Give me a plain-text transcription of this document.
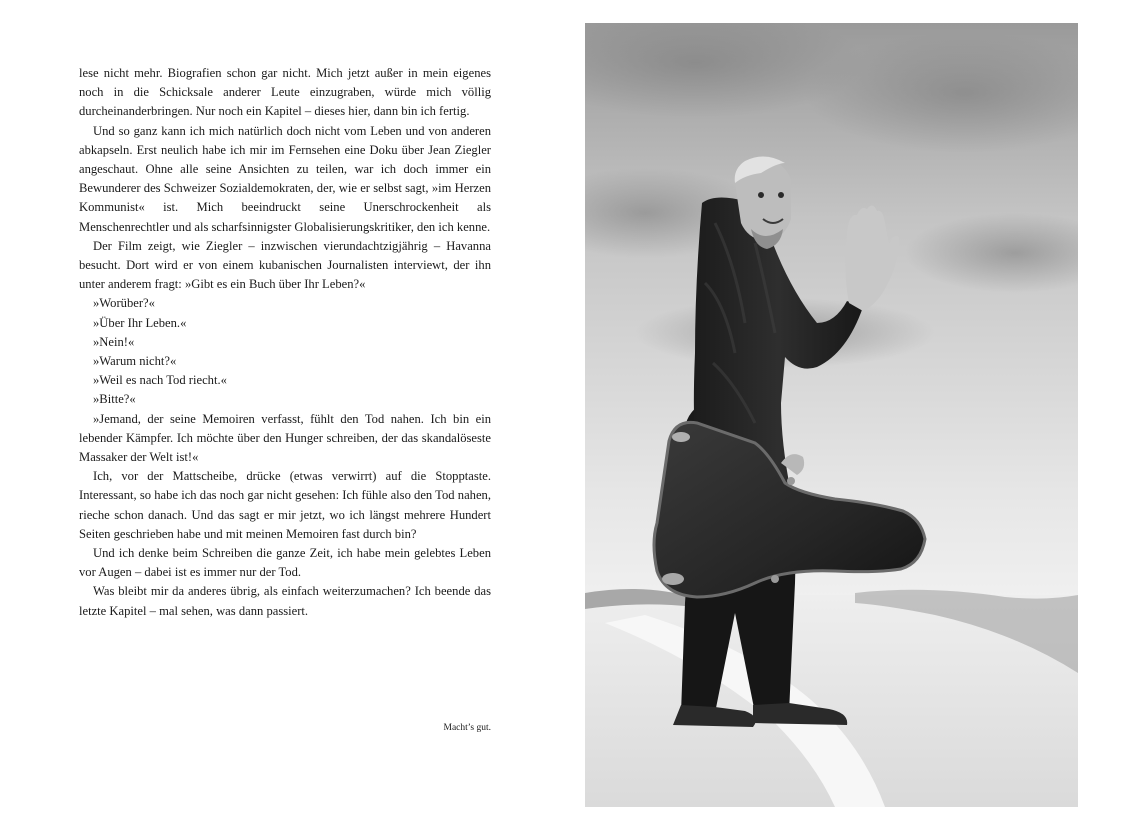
lese nicht mehr. Biografien schon gar nicht. Mich jetzt außer in mein eigenes noch in die Schicksale anderer Leute einzugraben, würde mich völlig durcheinanderbringen. Nur noch ein Kapitel – dieses hier, dann bin ich fertig.

Und so ganz kann ich mich natürlich doch nicht vom Leben und von anderen abkapseln. Erst neulich habe ich mir im Fernsehen eine Doku über Jean Ziegler angeschaut. Ohne alle seine Ansichten zu teilen, war ich doch immer ein Bewunderer des Schweizer Sozialdemokraten, der, wie er selbst sagt, »im Herzen Kommunist« ist. Mich beeindruckt seine Unerschrockenheit als Menschenrechtler und als scharfsinnigster Globalisierungskritiker, den ich kenne.

Der Film zeigt, wie Ziegler – inzwischen vierundachtzigjährig – Havanna besucht. Dort wird er von einem kubanischen Journalisten interviewt, der ihn unter anderem fragt: »Gibt es ein Buch über Ihr Leben?«

»Worüber?«

»Über Ihr Leben.«

»Nein!«

»Warum nicht?«

»Weil es nach Tod riecht.«

»Bitte?«

»Jemand, der seine Memoiren verfasst, fühlt den Tod nahen. Ich bin ein lebender Kämpfer. Ich möchte über den Hunger schreiben, der das skandalöseste Massaker der Welt ist!«

Ich, vor der Mattscheibe, drücke (etwas verwirrt) auf die Stopptaste. Interessant, so habe ich das noch gar nicht gesehen: Ich fühle also den Tod nahen, rieche schon danach. Und das sagt er mir jetzt, wo ich längst mehrere Hundert Seiten geschrieben habe und mit meinen Memoiren fast durch bin?

Und ich denke beim Schreiben die ganze Zeit, ich habe mein gelebtes Leben vor Augen – dabei ist es immer nur der Tod.

Was bleibt mir da anderes übrig, als einfach weiterzumachen? Ich beende das letzte Kapitel – mal sehen, was dann passiert.

Macht’s gut.
